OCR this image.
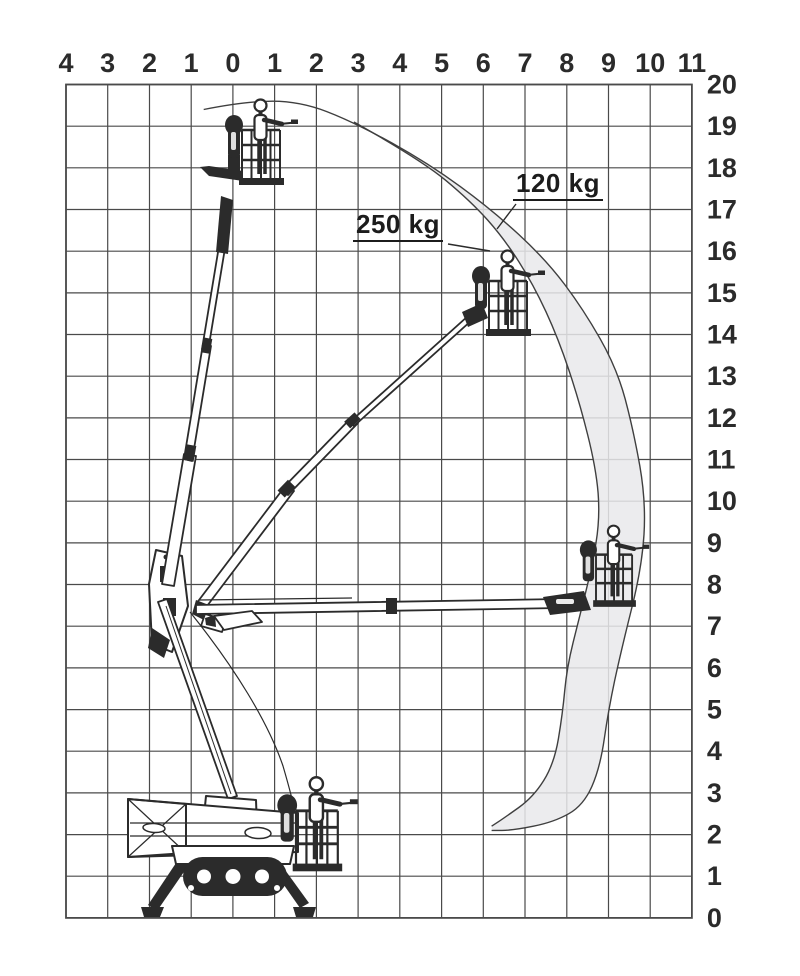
4 3 2 1 0 1 2 3 4 5 6 7 8 9 10 11
20
19
18
17
16
15
14
13
12
11
10
9
8
7
6
5
4
3
2
1
0
120 kg
250 kg
